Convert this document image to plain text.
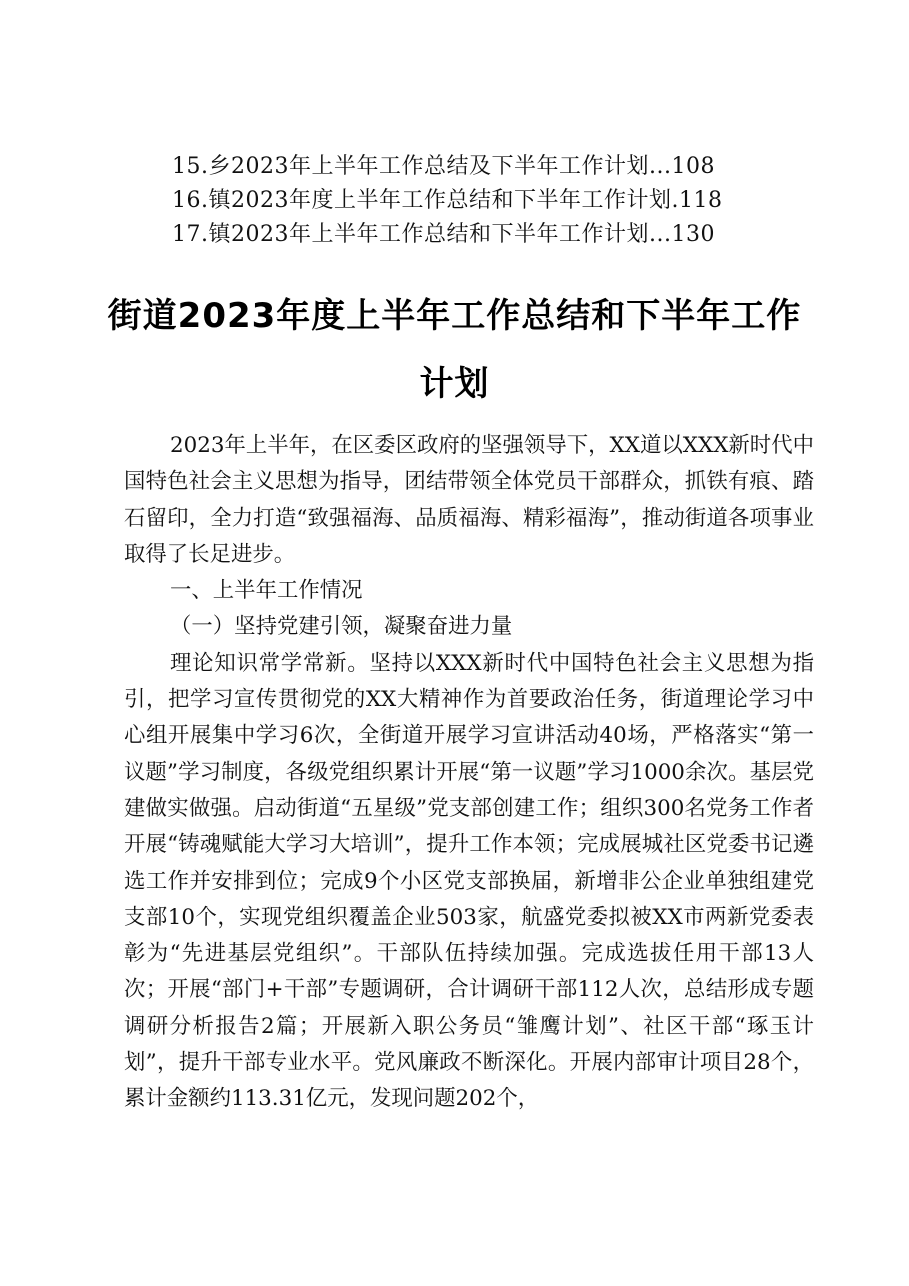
15.乡2023年上半年工作总结及下半年工作计划...108
16.镇2023年度上半年工作总结和下半年工作计划.118
17.镇2023年上半年工作总结和下半年工作计划...130
街道2023年度上半年工作总结和下半年工作计划

2023年上半年，在区委区政府的坚强领导下，XX道以XXX新时代中国特色社会主义思想为指导，团结带领全体党员干部群众，抓铁有痕、踏石留印，全力打造“致强福海、品质福海、精彩福海”，推动街道各项事业取得了长足进步。

一、上半年工作情况

（一）坚持党建引领，凝聚奋进力量

理论知识常学常新。坚持以XXX新时代中国特色社会主义思想为指引，把学习宣传贯彻党的XX大精神作为首要政治任务，街道理论学习中心组开展集中学习6次，全街道开展学习宣讲活动40场，严格落实“第一议题”学习制度，各级党组织累计开展“第一议题”学习1000余次。基层党建做实做强。启动街道“五星级”党支部创建工作；组织300名党务工作者开展“铸魂赋能大学习大培训”，提升工作本领；完成展城社区党委书记遴选工作并安排到位；完成9个小区党支部换届，新增非公企业单独组建党支部10个，实现党组织覆盖企业503家，航盛党委拟被XX市两新党委表彰为“先进基层党组织”。干部队伍持续加强。完成选拔任用干部13人次；开展“部门+干部”专题调研，合计调研干部112人次，总结形成专题调研分析报告2篇；开展新入职公务员“雏鹰计划”、社区干部“琢玉计划”，提升干部专业水平。党风廉政不断深化。开展内部审计项目28个，累计金额约113.31亿元，发现问题202个，
